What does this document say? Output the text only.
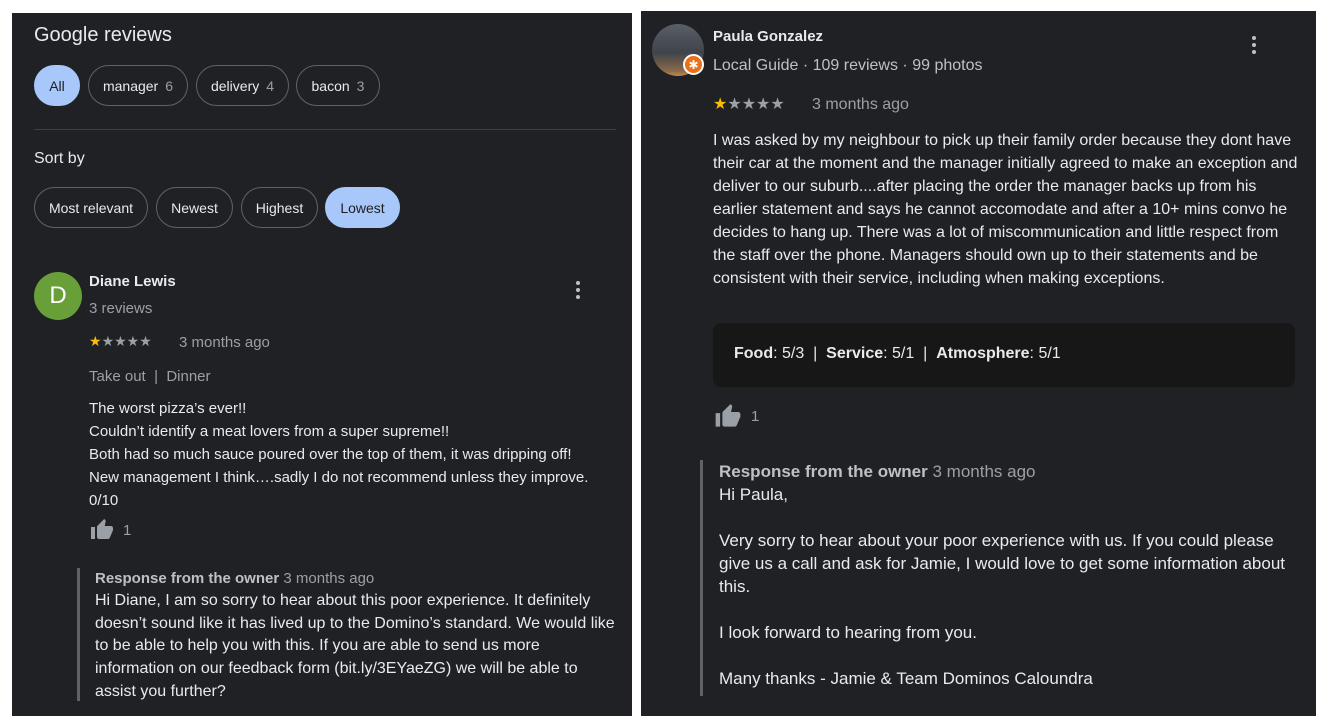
Google reviews
All	manager 6	delivery 4	bacon 3
Sort by
Most relevant	Newest	Highest	Lowest
D
Diane Lewis
3 reviews
★★★★★ 3 months ago
Take out | Dinner
The worst pizza’s ever!!
Couldn’t identify a meat lovers from a super supreme!!
Both had so much sauce poured over the top of them, it was dripping off!
New management I think….sadly I do not recommend unless they improve.
0/10
1
Response from the owner 3 months ago
Hi Diane, I am so sorry to hear about this poor experience. It definitely doesn’t sound like it has lived up to the Domino’s standard. We would like to be able to help you with this. If you are able to send us more information on our feedback form (bit.ly/3EYaeZG) we will be able to assist you further?
✱
Paula Gonzalez
Local Guide · 109 reviews · 99 photos
★★★★★ 3 months ago
I was asked by my neighbour to pick up their family order because they dont have their car at the moment and the manager initially agreed to make an exception and deliver to our suburb....after placing the order the manager backs up from his earlier statement and says he cannot accomodate and after a 10+ mins convo he decides to hang up. There was a lot of miscommunication and little respect from the staff over the phone. Managers should own up to their statements and be consistent with their service, including when making exceptions.
Food: 5/3  |  Service: 5/1  |  Atmosphere: 5/1
1
Response from the owner 3 months ago
Hi Paula,
Very sorry to hear about your poor experience with us. If you could please give us a call and ask for Jamie, I would love to get some information about this.
I look forward to hearing from you.
Many thanks - Jamie & Team Dominos Caloundra
